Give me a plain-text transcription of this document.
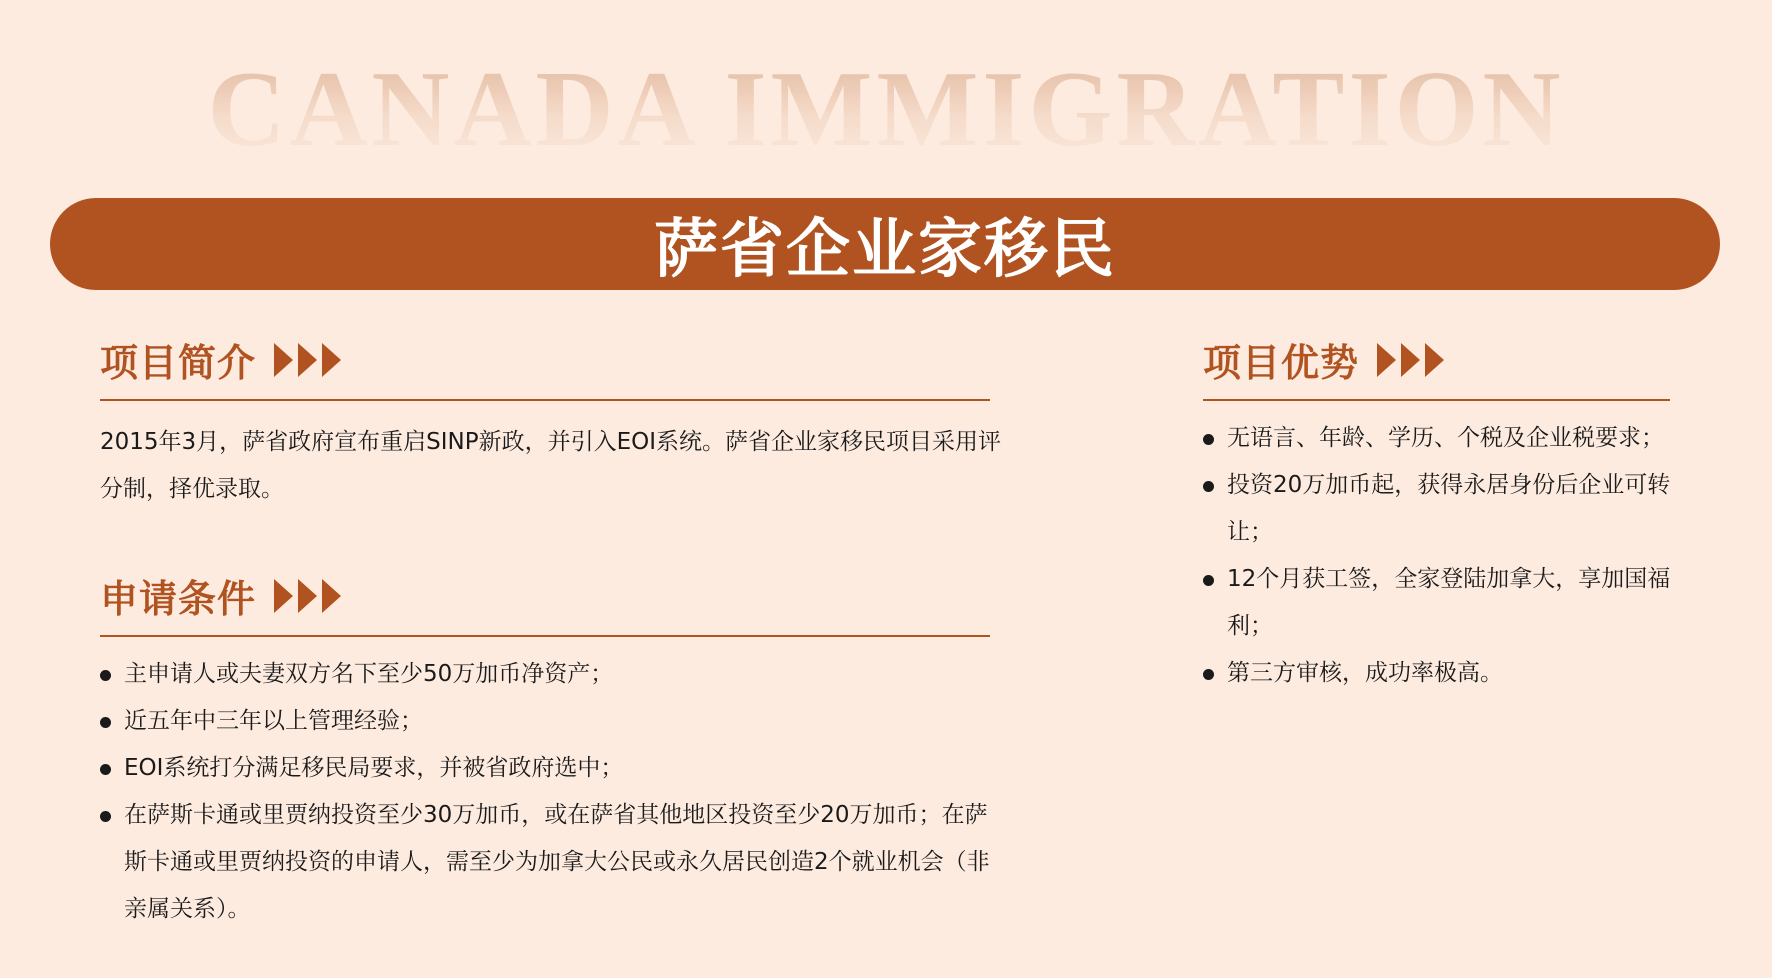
CANADA IMMIGRATION
萨省企业家移民
项目简介
2015年3月，萨省政府宣布重启SINP新政，并引入EOI系统。萨省企业家移民项目采用评分制，择优录取。
申请条件
主申请人或夫妻双方名下至少50万加币净资产；
近五年中三年以上管理经验；
EOI系统打分满足移民局要求，并被省政府选中；
在萨斯卡通或里贾纳投资至少30万加币，或在萨省其他地区投资至少20万加币；在萨斯卡通或里贾纳投资的申请人，需至少为加拿大公民或永久居民创造2个就业机会（非亲属关系）。
项目优势
无语言、年龄、学历、个税及企业税要求；
投资20万加币起，获得永居身份后企业可转让；
12个月获工签，全家登陆加拿大，享加国福利；
第三方审核，成功率极高。
